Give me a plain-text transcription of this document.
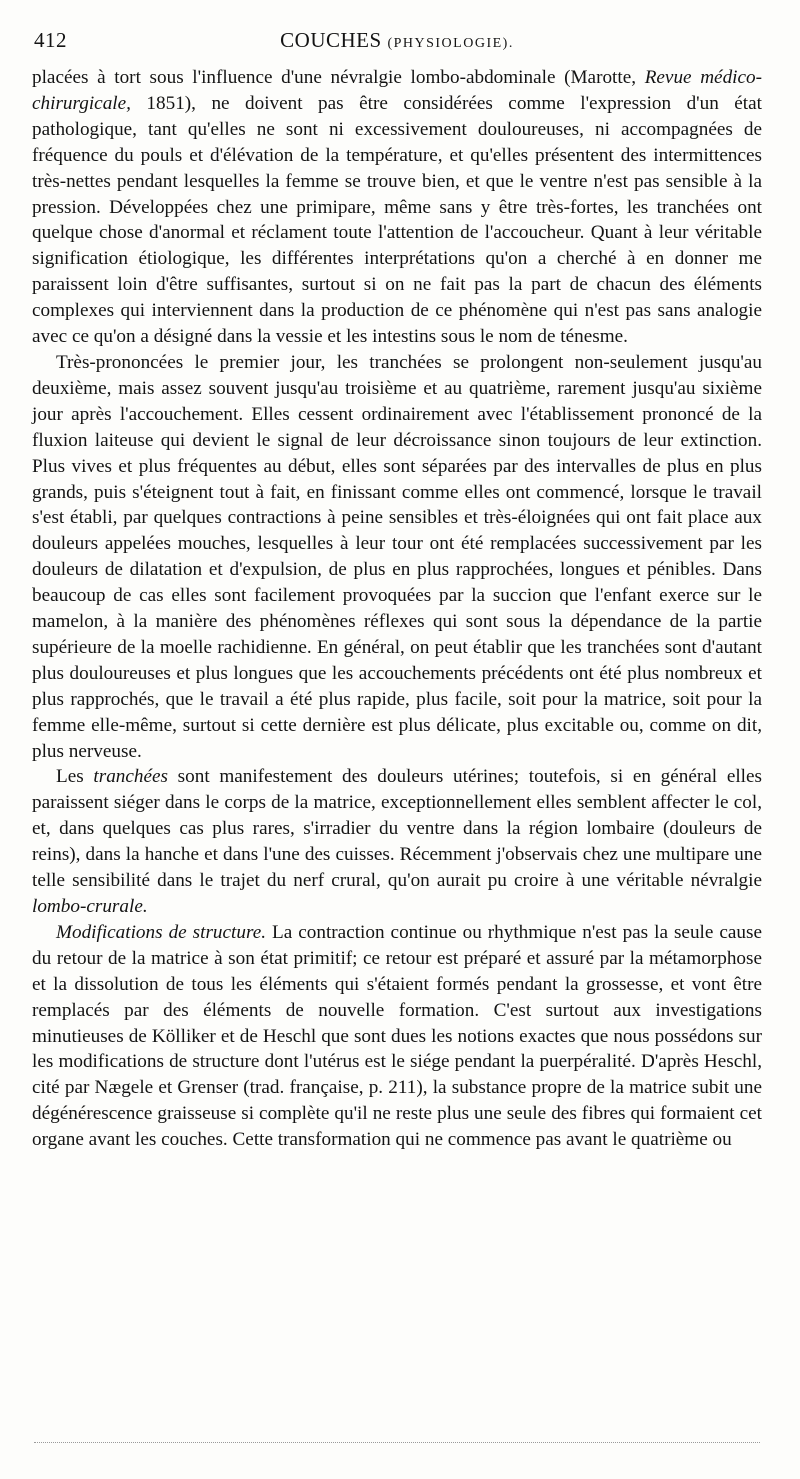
412	COUCHES (PHYSIOLOGIE).

placées à tort sous l'influence d'une névralgie lombo-abdominale (Marotte, Revue médico-chirurgicale, 1851), ne doivent pas être considérées comme l'expression d'un état pathologique, tant qu'elles ne sont ni excessivement douloureuses, ni accompagnées de fréquence du pouls et d'élévation de la température, et qu'elles présentent des intermittences très-nettes pendant lesquelles la femme se trouve bien, et que le ventre n'est pas sensible à la pression. Développées chez une primipare, même sans y être très-fortes, les tranchées ont quelque chose d'anormal et réclament toute l'attention de l'accoucheur. Quant à leur véritable signification étiologique, les différentes interprétations qu'on a cherché à en donner me paraissent loin d'être suffisantes, surtout si on ne fait pas la part de chacun des éléments complexes qui interviennent dans la production de ce phénomène qui n'est pas sans analogie avec ce qu'on a désigné dans la vessie et les intestins sous le nom de ténesme.

Très-prononcées le premier jour, les tranchées se prolongent non-seulement jusqu'au deuxième, mais assez souvent jusqu'au troisième et au quatrième, rarement jusqu'au sixième jour après l'accouchement. Elles cessent ordinairement avec l'établissement prononcé de la fluxion laiteuse qui devient le signal de leur décroissance sinon toujours de leur extinction. Plus vives et plus fréquentes au début, elles sont séparées par des intervalles de plus en plus grands, puis s'éteignent tout à fait, en finissant comme elles ont commencé, lorsque le travail s'est établi, par quelques contractions à peine sensibles et très-éloignées qui ont fait place aux douleurs appelées mouches, lesquelles à leur tour ont été remplacées successivement par les douleurs de dilatation et d'expulsion, de plus en plus rapprochées, longues et pénibles. Dans beaucoup de cas elles sont facilement provoquées par la succion que l'enfant exerce sur le mamelon, à la manière des phénomènes réflexes qui sont sous la dépendance de la partie supérieure de la moelle rachidienne. En général, on peut établir que les tranchées sont d'autant plus douloureuses et plus longues que les accouchements précédents ont été plus nombreux et plus rapprochés, que le travail a été plus rapide, plus facile, soit pour la matrice, soit pour la femme elle-même, surtout si cette dernière est plus délicate, plus excitable ou, comme on dit, plus nerveuse.

Les tranchées sont manifestement des douleurs utérines; toutefois, si en général elles paraissent siéger dans le corps de la matrice, exceptionnellement elles semblent affecter le col, et, dans quelques cas plus rares, s'irradier du ventre dans la région lombaire (douleurs de reins), dans la hanche et dans l'une des cuisses. Récemment j'observais chez une multipare une telle sensibilité dans le trajet du nerf crural, qu'on aurait pu croire à une véritable névralgie lombo-crurale.

Modifications de structure. La contraction continue ou rhythmique n'est pas la seule cause du retour de la matrice à son état primitif; ce retour est préparé et assuré par la métamorphose et la dissolution de tous les éléments qui s'étaient formés pendant la grossesse, et vont être remplacés par des éléments de nouvelle formation. C'est surtout aux investigations minutieuses de Kölliker et de Heschl que sont dues les notions exactes que nous possédons sur les modifications de structure dont l'utérus est le siége pendant la puerpéralité. D'après Heschl, cité par Nægele et Grenser (trad. française, p. 211), la substance propre de la matrice subit une dégénérescence graisseuse si complète qu'il ne reste plus une seule des fibres qui formaient cet organe avant les couches. Cette transformation qui ne commence pas avant le quatrième ou
